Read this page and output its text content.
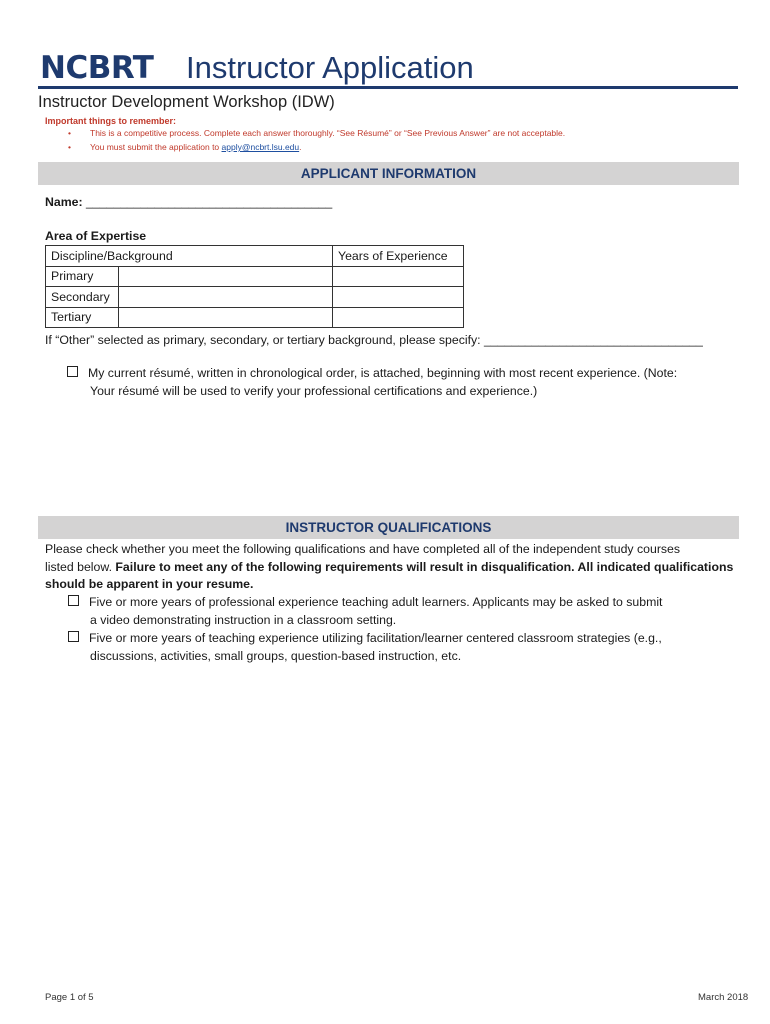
NCBRT Instructor Application
Instructor Development Workshop (IDW)
Important things to remember:
• This is a competitive process. Complete each answer thoroughly. “See Résumé” or “See Previous Answer” are not acceptable.
• You must submit the application to apply@ncbrt.lsu.edu.
APPLICANT INFORMATION
Name: ____________________________________
Area of Expertise
Discipline/Background		Years of Experience
Primary		
Secondary		
Tertiary		
If “Other” selected as primary, secondary, or tertiary background, please specify: ________________________________
My current résumé, written in chronological order, is attached, beginning with most recent experience. (Note:
Your résumé will be used to verify your professional certifications and experience.)
INSTRUCTOR QUALIFICATIONS
Please check whether you meet the following qualifications and have completed all of the independent study courses
listed below. Failure to meet any of the following requirements will result in disqualification. All indicated qualifications
should be apparent in your resume.
Five or more years of professional experience teaching adult learners. Applicants may be asked to submit
a video demonstrating instruction in a classroom setting.
Five or more years of teaching experience utilizing facilitation/learner centered classroom strategies (e.g.,
discussions, activities, small groups, question-based instruction, etc.
Page 1 of 5	March 2018
